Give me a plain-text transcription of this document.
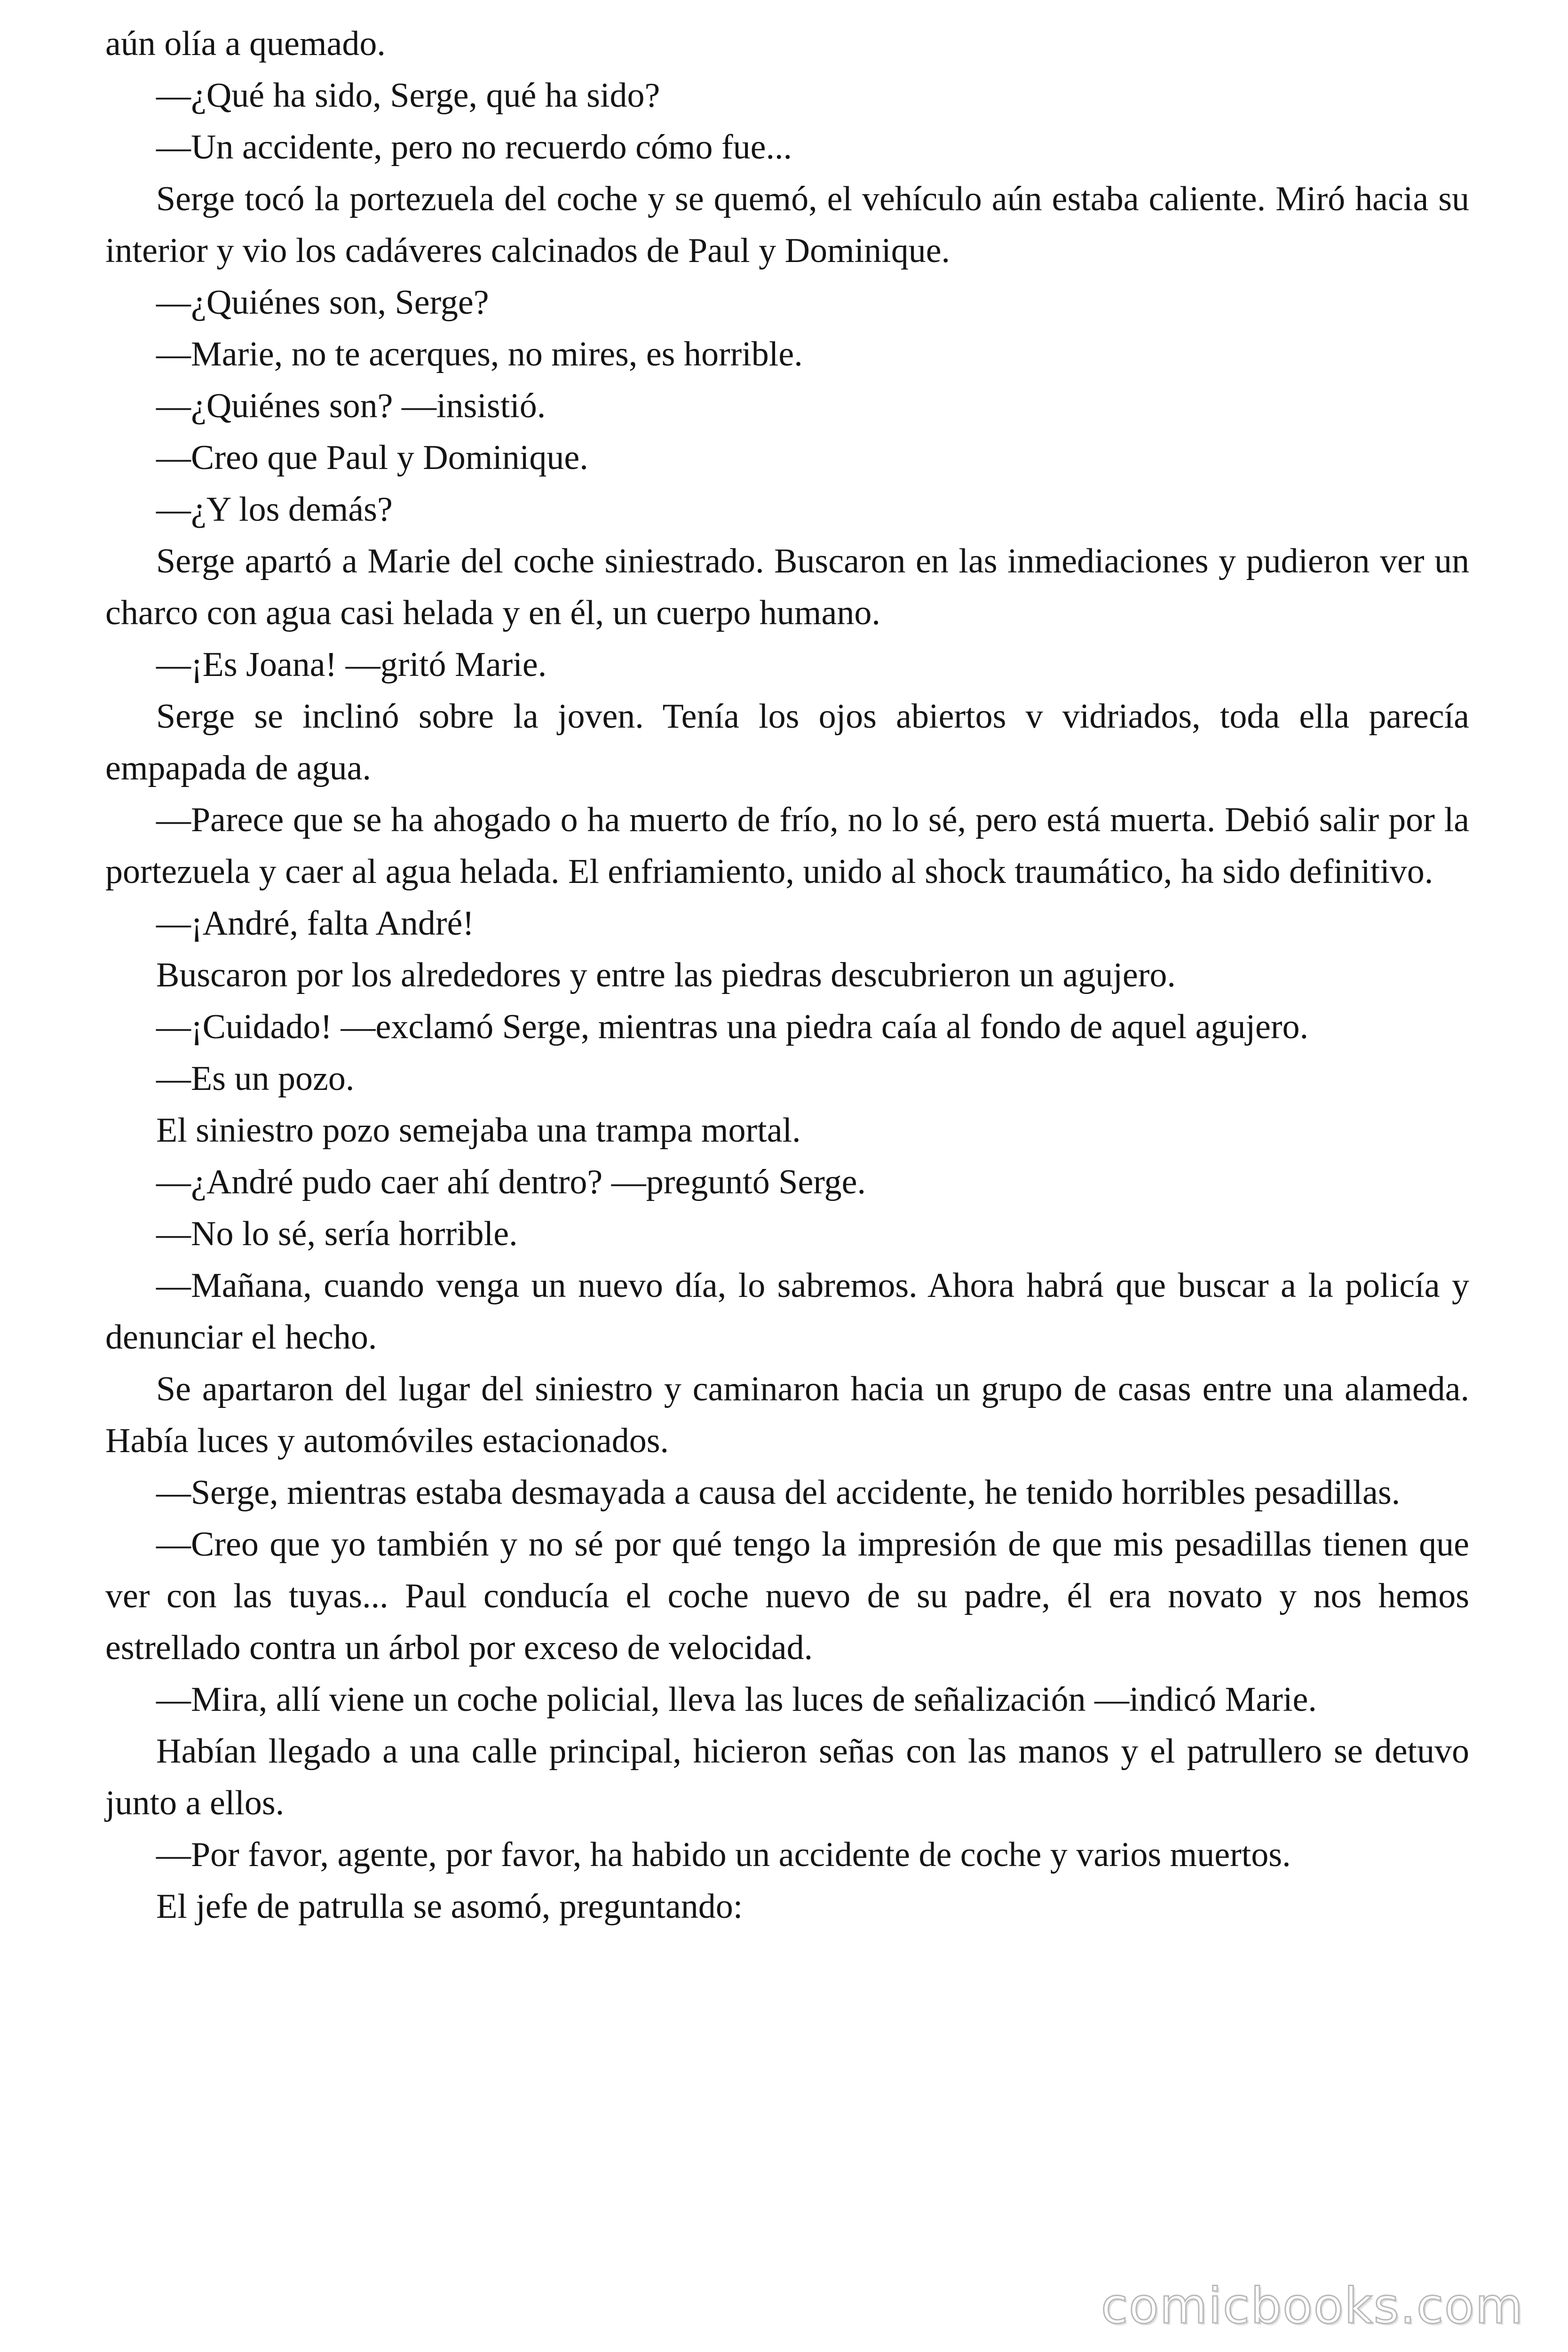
aún olía a quemado.

—¿Qué ha sido, Serge, qué ha sido?

—Un accidente, pero no recuerdo cómo fue...

Serge tocó la portezuela del coche y se quemó, el vehículo aún estaba caliente. Miró hacia su interior y vio los cadáveres calcinados de Paul y Dominique.

—¿Quiénes son, Serge?

—Marie, no te acerques, no mires, es horrible.

—¿Quiénes son? —insistió.

—Creo que Paul y Dominique.

—¿Y los demás?

Serge apartó a Marie del coche siniestrado. Buscaron en las inmediaciones y pudieron ver un charco con agua casi helada y en él, un cuerpo humano.

—¡Es Joana! —gritó Marie.

Serge se inclinó sobre la joven. Tenía los ojos abiertos v vidriados, toda ella parecía empapada de agua.

—Parece que se ha ahogado o ha muerto de frío, no lo sé, pero está muerta. Debió salir por la portezuela y caer al agua helada. El enfriamiento, unido al shock traumático, ha sido definitivo.

—¡André, falta André!

Buscaron por los alrededores y entre las piedras descubrieron un agujero.

—¡Cuidado! —exclamó Serge, mientras una piedra caía al fondo de aquel agujero.

—Es un pozo.

El siniestro pozo semejaba una trampa mortal.

—¿André pudo caer ahí dentro? —preguntó Serge.

—No lo sé, sería horrible.

—Mañana, cuando venga un nuevo día, lo sabremos. Ahora habrá que buscar a la policía y denunciar el hecho.

Se apartaron del lugar del siniestro y caminaron hacia un grupo de casas entre una alameda. Había luces y automóviles estacionados.

—Serge, mientras estaba desmayada a causa del accidente, he tenido horribles pesadillas.

—Creo que yo también y no sé por qué tengo la impresión de que mis pesadillas tienen que ver con las tuyas... Paul conducía el coche nuevo de su padre, él era novato y nos hemos estrellado contra un árbol por exceso de velocidad.

—Mira, allí viene un coche policial, lleva las luces de señalización —indicó Marie.

Habían llegado a una calle principal, hicieron señas con las manos y el patrullero se detuvo junto a ellos.

—Por favor, agente, por favor, ha habido un accidente de coche y varios muertos.

El jefe de patrulla se asomó, preguntando:

comicbooks.com
